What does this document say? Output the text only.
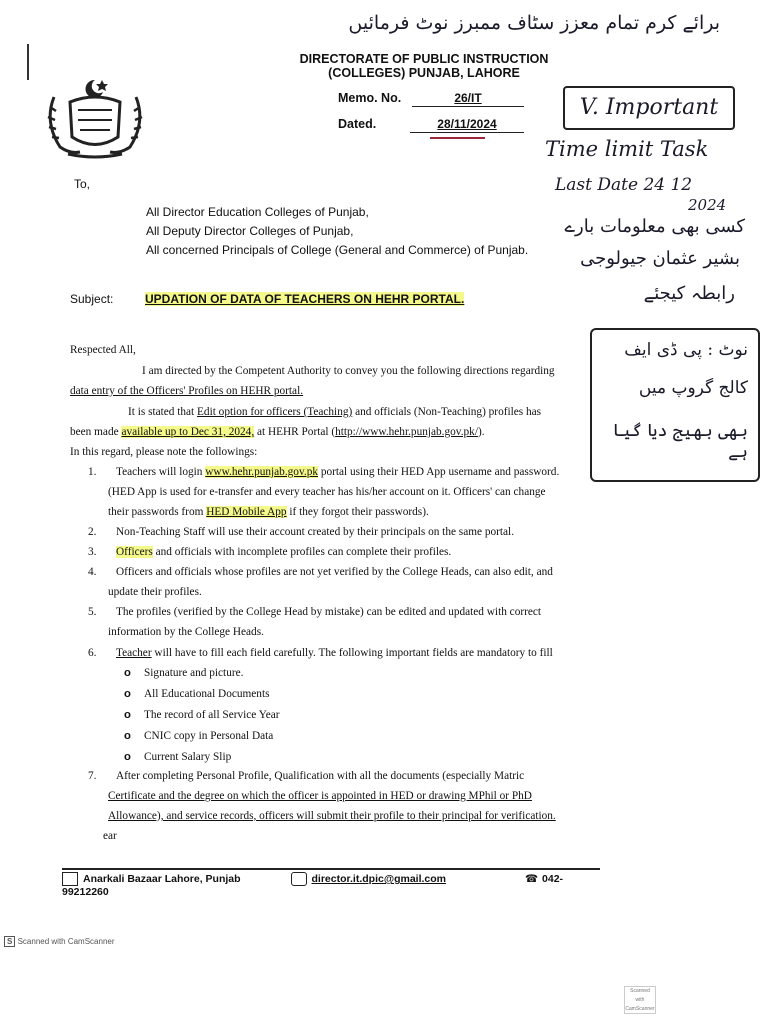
برائے کرم تمام معزز سٹاف ممبرز نوٹ فرمائیں
DIRECTORATE OF PUBLIC INSTRUCTION
(COLLEGES) PUNJAB, LAHORE
Memo. No.	26/IT
Dated.	28/11/2024
V. Important
Time limit Task
Last Date 24 12
2024
کسی بھی معلومات بارے
بشیر عثمان جیولوجی
رابطہ کیجئے
نوٹ : پی ڈی ایف
کالج گروپ میں
بھی بھیج دیا گیا ہے
To,
All Director Education Colleges of Punjab,
All Deputy Director Colleges of Punjab,
All concerned Principals of College (General and Commerce) of Punjab.
Subject:	UPDATION OF DATA OF TEACHERS ON HEHR PORTAL.
Respected All,
I am directed by the Competent Authority to convey you the following directions regarding
data entry of the Officers' Profiles on HEHR portal.
It is stated that Edit option for officers (Teaching) and officials (Non-Teaching) profiles has
been made available up to Dec 31, 2024, at HEHR Portal (http://www.hehr.punjab.gov.pk/).
In this regard, please note the followings:
1. Teachers will login www.hehr.punjab.gov.pk portal using their HED App username and password.
(HED App is used for e-transfer and every teacher has his/her account on it. Officers' can change
their passwords from HED Mobile App if they forgot their passwords).
2. Non-Teaching Staff will use their account created by their principals on the same portal.
3. Officers and officials with incomplete profiles can complete their profiles.
4. Officers and officials whose profiles are not yet verified by the College Heads, can also edit, and
update their profiles.
5. The profiles (verified by the College Head by mistake) can be edited and updated with correct
information by the College Heads.
6. Teacher will have to fill each field carefully. The following important fields are mandatory to fill
o Signature and picture.
o All Educational Documents
o The record of all Service Year
o CNIC copy in Personal Data
o Current Salary Slip
7. After completing Personal Profile, Qualification with all the documents (especially Matric
Certificate and the degree on which the officer is appointed in HED or drawing MPhil or PhD
Allowance), and service records, officers will submit their profile to their principal for verification.
ear
Anarkali Bazaar Lahore, Punjab	director.it.dpic@gmail.com	☎ 042-99212260
S Scanned with CamScanner
Scanned with
CamScanner
